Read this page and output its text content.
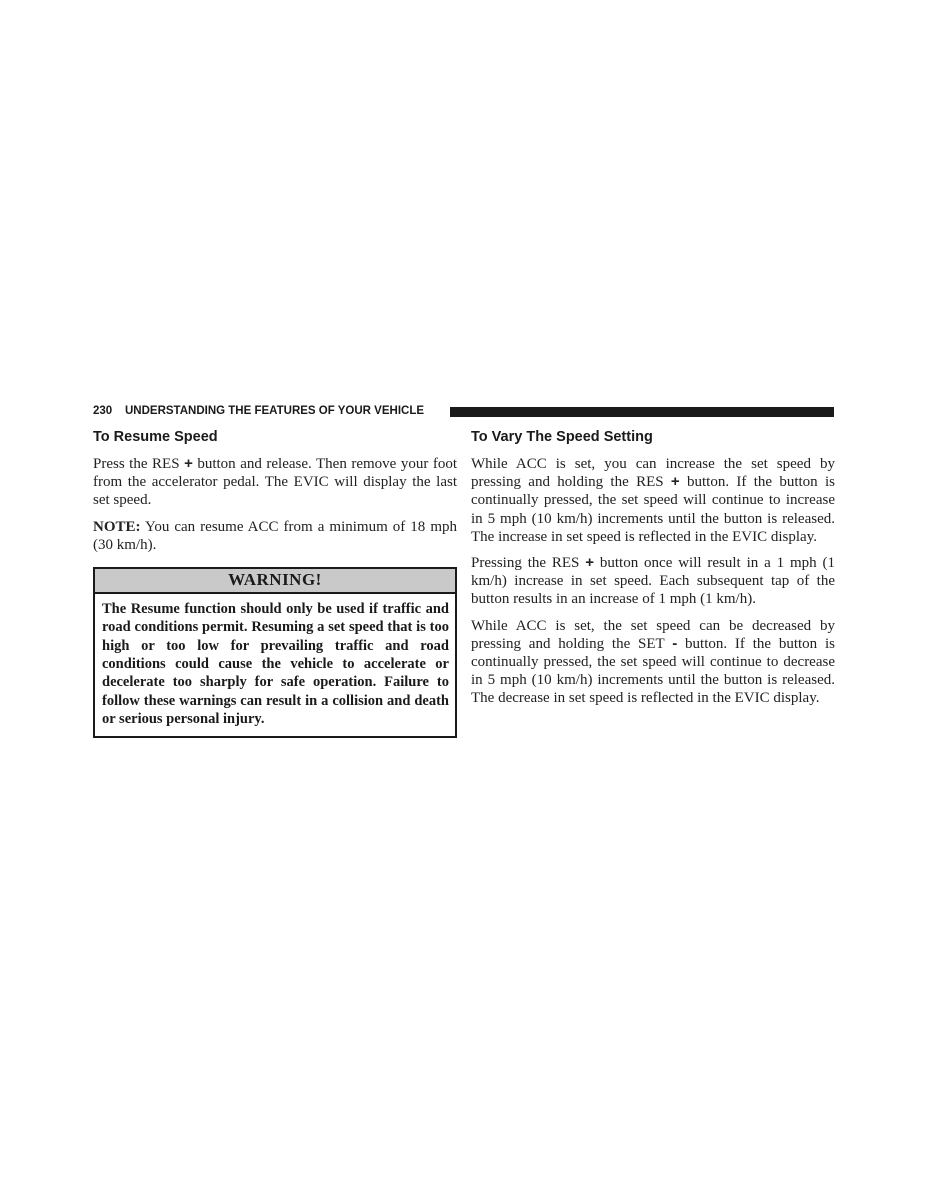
230 UNDERSTANDING THE FEATURES OF YOUR VEHICLE
To Resume Speed

Press the RES + button and release. Then remove your foot from the accelerator pedal. The EVIC will display the last set speed.

NOTE: You can resume ACC from a minimum of 18 mph (30 km/h).

WARNING!
The Resume function should only be used if traffic and road conditions permit. Resuming a set speed that is too high or too low for prevailing traffic and road conditions could cause the vehicle to accelerate or decelerate too sharply for safe operation. Failure to follow these warnings can result in a collision and death or serious personal injury.
To Vary The Speed Setting

While ACC is set, you can increase the set speed by pressing and holding the RES + button. If the button is continually pressed, the set speed will continue to increase in 5 mph (10 km/h) increments until the button is released. The increase in set speed is reflected in the EVIC display.

Pressing the RES + button once will result in a 1 mph (1 km/h) increase in set speed. Each subsequent tap of the button results in an increase of 1 mph (1 km/h).

While ACC is set, the set speed can be decreased by pressing and holding the SET - button. If the button is continually pressed, the set speed will continue to decrease in 5 mph (10 km/h) increments until the button is released. The decrease in set speed is reflected in the EVIC display.
